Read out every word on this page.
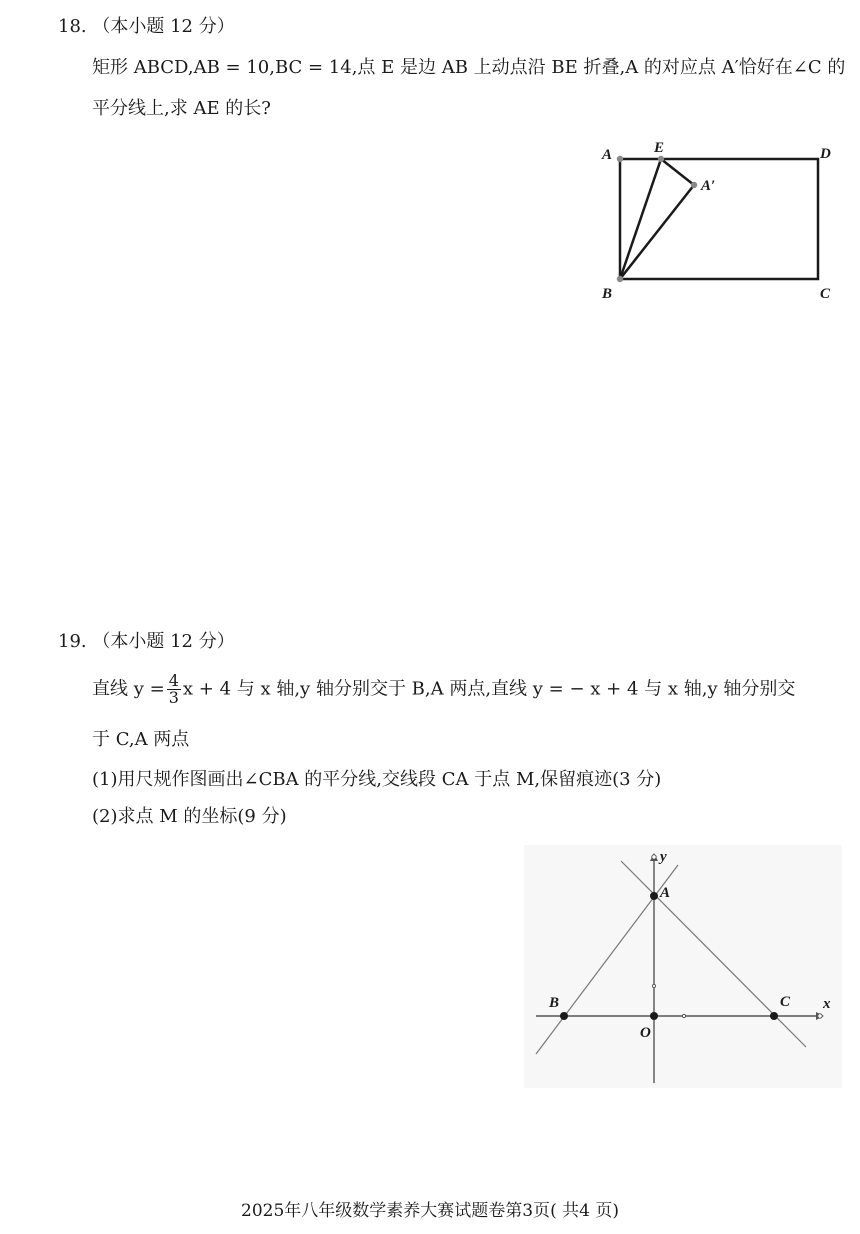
18. （本小题 12 分）
矩形 ABCD,AB = 10,BC = 14,点 E 是边 AB 上动点沿 BE 折叠,A 的对应点 A′恰好在∠C 的
平分线上,求 AE 的长?
A	E	D
A′
B	C
19. （本小题 12 分）
直线 $y = \frac{4}{3}$ x + 4 与 x 轴,y 轴分别交于 B,A 两点,直线 y = − x + 4 与 x 轴,y 轴分别交
于 C,A 两点
(1)用尺规作图画出∠CBA 的平分线,交线段 CA 于点 M,保留痕迹(3 分)
(2)求点 M 的坐标(9 分)
y
A
B	C x
O
2025年八年级数学素养大赛试题卷第3页( 共4 页)
